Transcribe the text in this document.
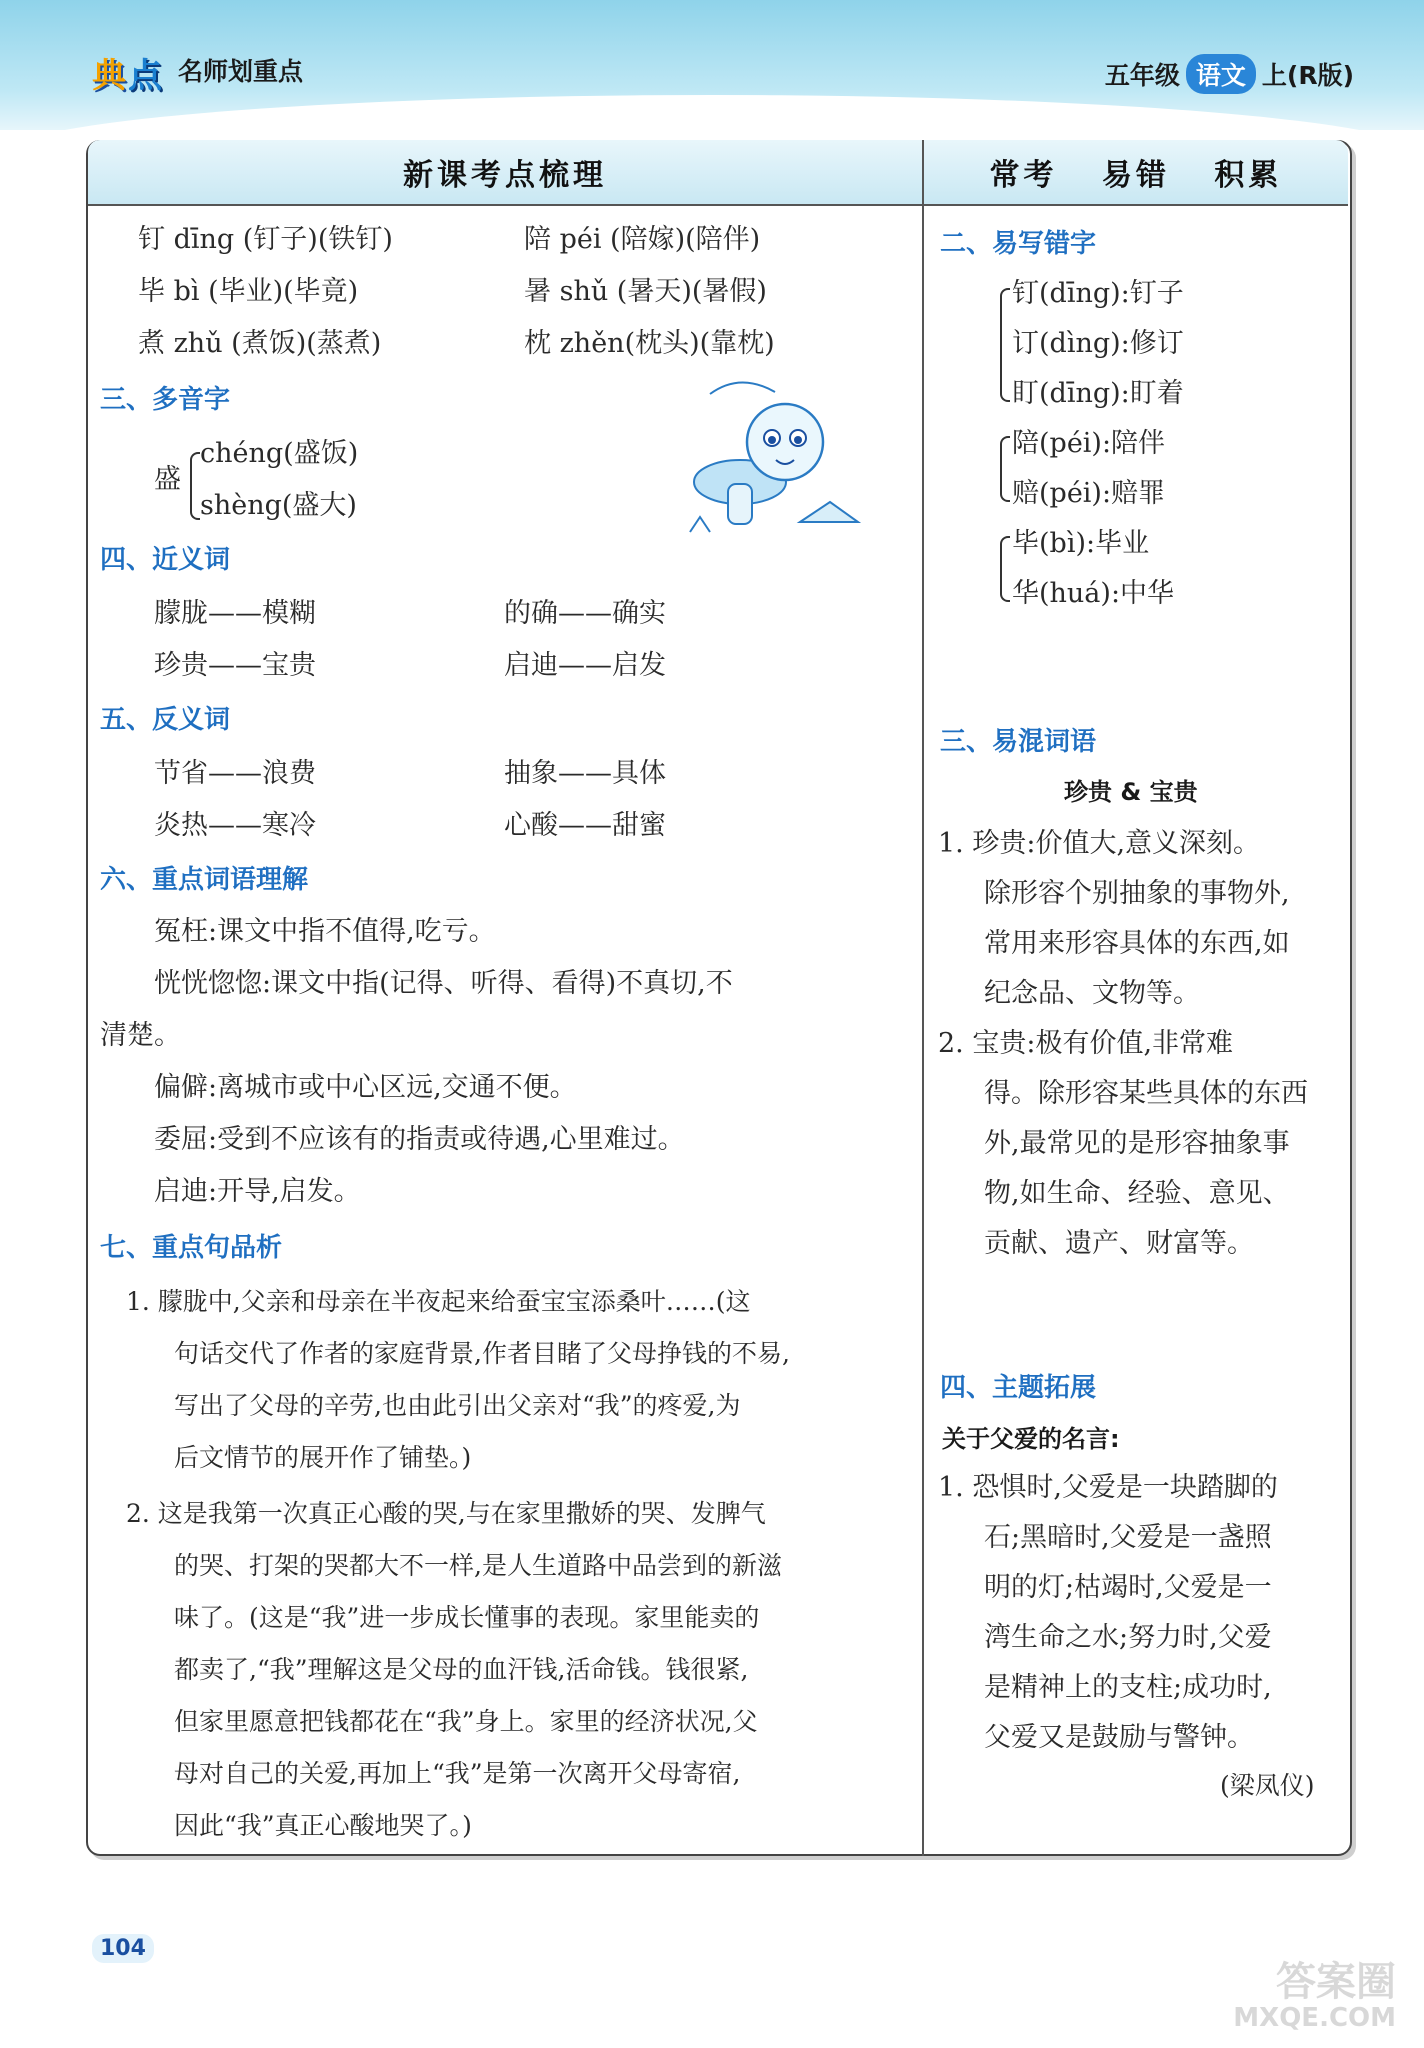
典 点 名师划重点	五年级 语文 上(R版)
新课考点梳理	常考 易错 积累
钉 dīng (钉子)(铁钉)	陪 péi (陪嫁)(陪伴)
毕 bì (毕业)(毕竟)	暑 shǔ (暑天)(暑假)
煮 zhǔ (煮饭)(蒸煮)	枕 zhěn(枕头)(靠枕)
三、多音字
盛
chéng(盛饭)
shèng(盛大)
四、近义词
朦胧——模糊	的确——确实
珍贵——宝贵	启迪——启发
五、反义词
节省——浪费	抽象——具体
炎热——寒冷	心酸——甜蜜
六、重点词语理解
冤枉:课文中指不值得,吃亏。
恍恍惚惚:课文中指(记得、听得、看得)不真切,不
清楚。
偏僻:离城市或中心区远,交通不便。
委屈:受到不应该有的指责或待遇,心里难过。
启迪:开导,启发。
七、重点句品析
1. 朦胧中,父亲和母亲在半夜起来给蚕宝宝添桑叶……(这
句话交代了作者的家庭背景,作者目睹了父母挣钱的不易,
写出了父母的辛劳,也由此引出父亲对“我”的疼爱,为
后文情节的展开作了铺垫。)
2. 这是我第一次真正心酸的哭,与在家里撒娇的哭、发脾气
的哭、打架的哭都大不一样,是人生道路中品尝到的新滋
味了。(这是“我”进一步成长懂事的表现。家里能卖的
都卖了,“我”理解这是父母的血汗钱,活命钱。钱很紧,
但家里愿意把钱都花在“我”身上。家里的经济状况,父
母对自己的关爱,再加上“我”是第一次离开父母寄宿,
因此“我”真正心酸地哭了。)
二、易写错字
钉(dīng):钉子
订(dìng):修订
盯(dīng):盯着
陪(péi):陪伴
赔(péi):赔罪
毕(bì):毕业
华(huá):中华
三、易混词语
珍贵 & 宝贵
1. 珍贵:价值大,意义深刻。
除形容个别抽象的事物外,
常用来形容具体的东西,如
纪念品、文物等。
2. 宝贵:极有价值,非常难
得。除形容某些具体的东西
外,最常见的是形容抽象事
物,如生命、经验、意见、
贡献、遗产、财富等。
四、主题拓展
关于父爱的名言:
1. 恐惧时,父爱是一块踏脚的
石;黑暗时,父爱是一盏照
明的灯;枯竭时,父爱是一
湾生命之水;努力时,父爱
是精神上的支柱;成功时,
父爱又是鼓励与警钟。
(梁凤仪)
104
答案圈
MXQE.COM
